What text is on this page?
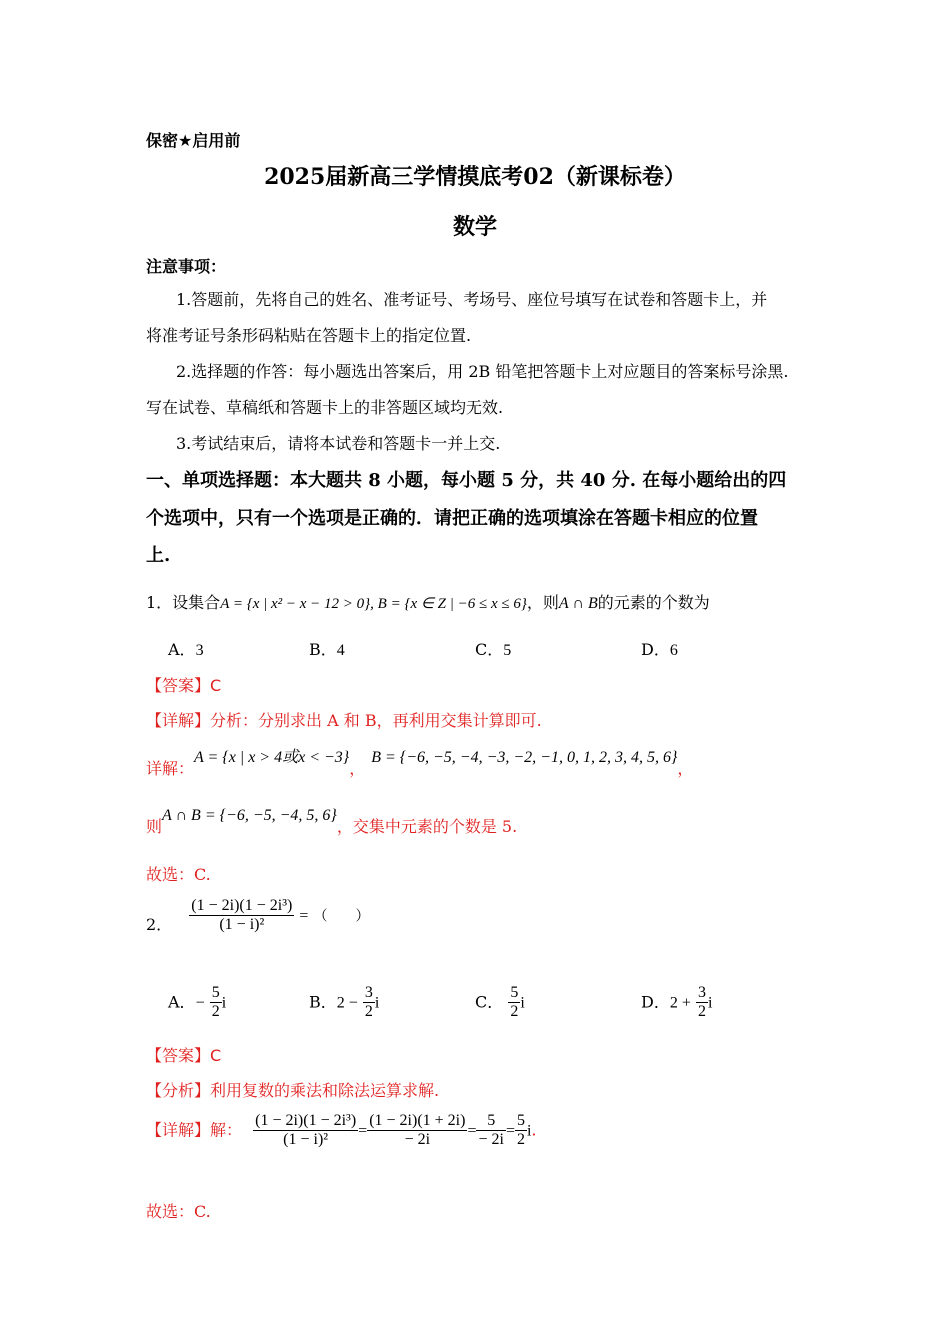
保密★启用前
2025届新高三学情摸底考02（新课标卷）
数学
注意事项：
1.答题前，先将自己的姓名、准考证号、考场号、座位号填写在试卷和答题卡上，并
将准考证号条形码粘贴在答题卡上的指定位置.
2.选择题的作答：每小题选出答案后，用 2B 铅笔把答题卡上对应题目的答案标号涂黑.
写在试卷、草稿纸和答题卡上的非答题区域均无效.
3.考试结束后，请将本试卷和答题卡一并上交.
一、单项选择题：本大题共 8 小题，每小题 5 分，共 40 分. 在每小题给出的四
个选项中，只有一个选项是正确的．请把正确的选项填涂在答题卡相应的位置
上.
1．设集合A = {x | x² − x − 12 > 0}, B = {x ∈ Z | −6 ≤ x ≤ 6}，则A ∩ B的元素的个数为
A．3	B．4	C．5	D．6
【答案】C
【详解】分析：分别求出 A 和 B，再利用交集计算即可.
详解：A = {x | x > 4或x < −3}，B = {−6, −5, −4, −3, −2, −1, 0, 1, 2, 3, 4, 5, 6}，
则A ∩ B = {−6, −5, −4, 5, 6}，交集中元素的个数是 5.
故选：C.
2． $\frac{\text{(1 − 2i)(1 − 2i³)}}{\text{(1 − i)²}}$ = （　　）
A．− $\frac{5}{2}$ i	B．$2 - \frac{3}{2}$ i	C． $\frac{5}{2}$ i	D．$2 + \frac{3}{2}$ i
【答案】C
【分析】利用复数的乘法和除法运算求解.
【详解】解： $\frac{\text{(1 − 2i)(1 − 2i³)}}{\text{(1 − i)²}} = \frac{(1 - 2i)(1 + 2i)}{- 2i} = \frac{5}{- 2i} = \frac{5}{2} i$.
故选：C.
